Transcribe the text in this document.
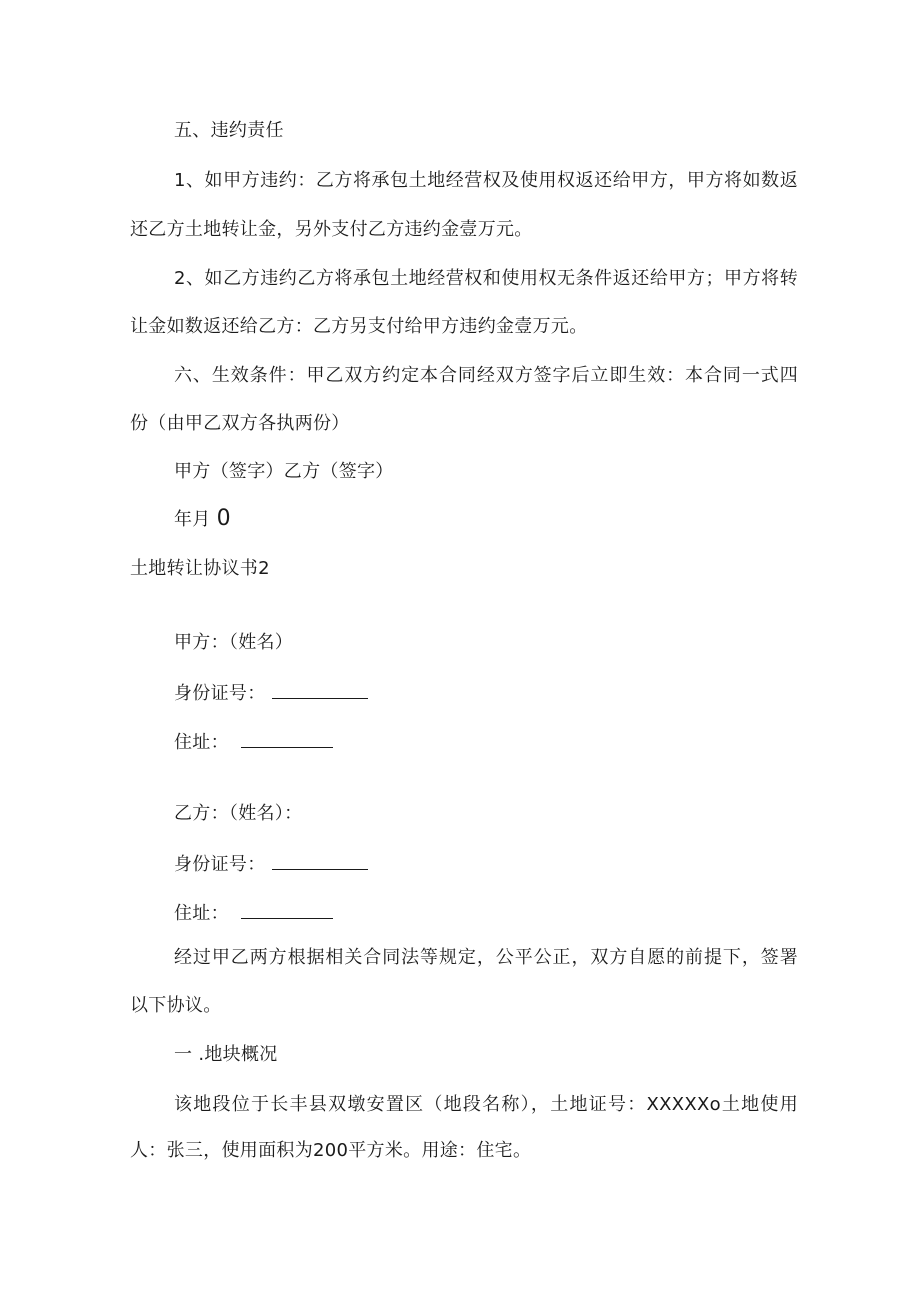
五、违约责任
1、如甲方违约：乙方将承包土地经营权及使用权返还给甲方，甲方将如数返
还乙方土地转让金，另外支付乙方违约金壹万元。
2、如乙方违约乙方将承包土地经营权和使用权无条件返还给甲方；甲方将转
让金如数返还给乙方：乙方另支付给甲方违约金壹万元。
六、生效条件：甲乙双方约定本合同经双方签字后立即生效：本合同一式四
份（由甲乙双方各执两份）
甲方（签字）乙方（签字）
年月 0
土地转让协议书2
甲方：（姓名）
身份证号：
住址：
乙方：（姓名）：
身份证号：
住址：
经过甲乙两方根据相关合同法等规定，公平公正，双方自愿的前提下，签署
以下协议。
一 .地块概况
该地段位于长丰县双墩安置区（地段名称），土地证号：XXXXXo土地使用
人：张三，使用面积为200平方米。用途：住宅。
